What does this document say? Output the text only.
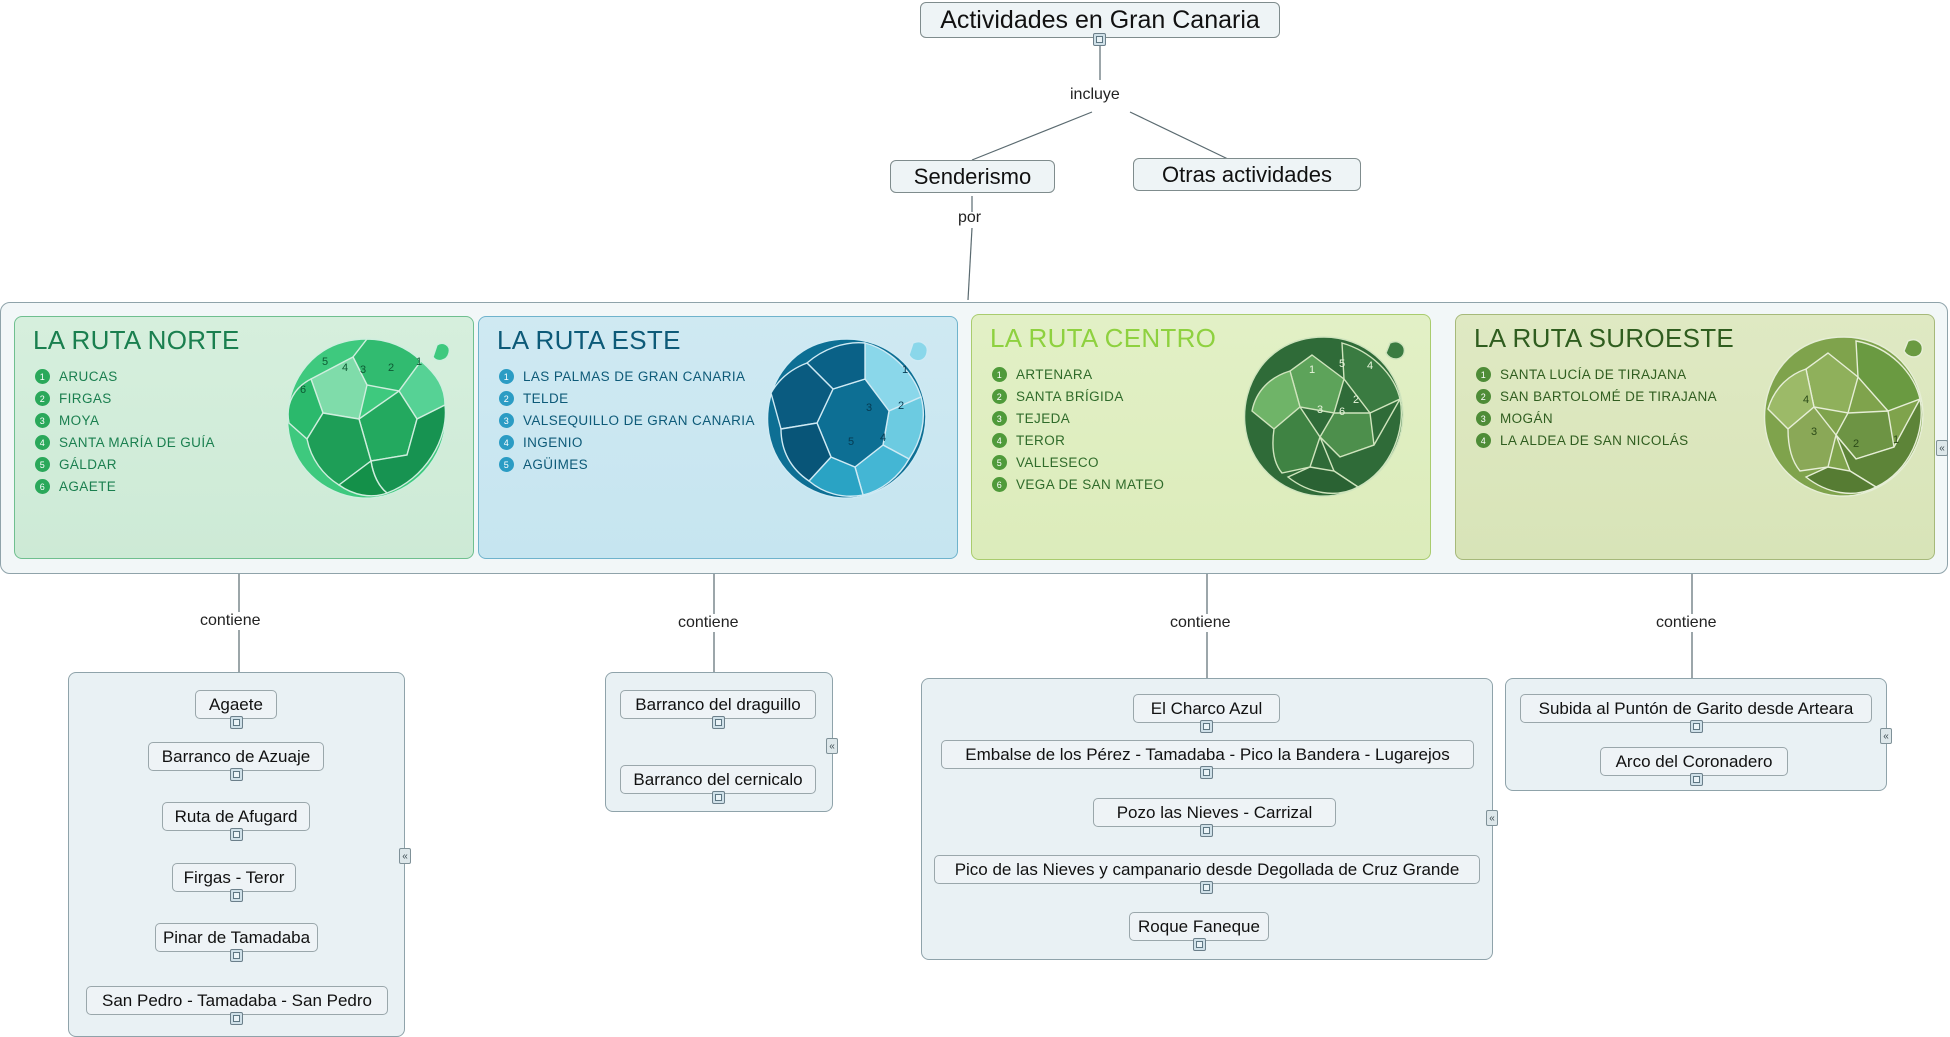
Actividades en Gran Canaria
incluye
Senderismo	Otras actividades
por
LA RUTA NORTE
1	ARUCAS
2	FIRGAS
3	MOYA
4	SANTA MARÍA DE GUÍA
5	GÁLDAR
6	AGAETE
1
2
3
4
5
6
LA RUTA ESTE
1	LAS PALMAS DE GRAN CANARIA
2	TELDE
3	VALSEQUILLO DE GRAN CANARIA
4	INGENIO
5	AGÜIMES
1
2
3
4
5
LA RUTA CENTRO
1	ARTENARA
2	SANTA BRÍGIDA
3	TEJEDA
4	TEROR
5	VALLESECO
6	VEGA DE SAN MATEO
4
5
1
2
6
3
LA RUTA SUROESTE
1	SANTA LUCÍA DE TIRAJANA
2	SAN BARTOLOMÉ DE TIRAJANA
3	MOGÁN
4	LA ALDEA DE SAN NICOLÁS
4
3
2	1
«
contiene	contiene	contiene	contiene
Agaete
Barranco de Azuaje
Ruta de Afugard
Firgas - Teror
Pinar de Tamadaba
San Pedro - Tamadaba - San Pedro
«
Barranco del draguillo
Barranco del cernicalo
«
El Charco Azul
Embalse de los Pérez - Tamadaba - Pico la Bandera - Lugarejos
Pozo las Nieves - Carrizal
Pico de las Nieves y campanario desde Degollada de Cruz Grande
Roque Faneque
«
Subida al Puntón de Garito desde Arteara
Arco del Coronadero
«
